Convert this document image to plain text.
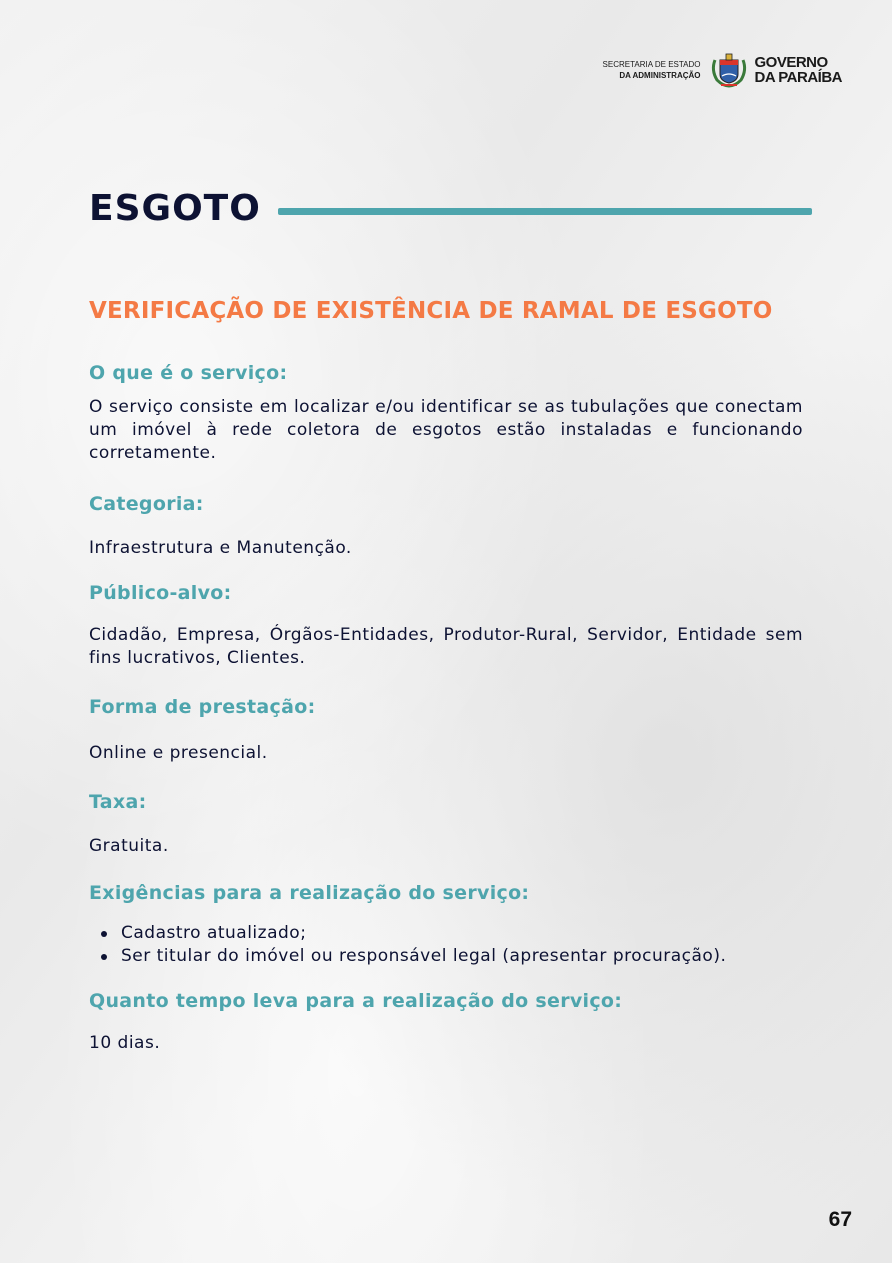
SECRETARIA DE ESTADO
DA ADMINISTRAÇÃO
GOVERNO
DA PARAÍBA
ESGOTO
VERIFICAÇÃO DE EXISTÊNCIA DE RAMAL DE ESGOTO

O que é o serviço:

O serviço consiste em localizar e/ou identificar se as tubulações que conectam um imóvel à rede coletora de esgotos estão instaladas e funcionando corretamente.

Categoria:

Infraestrutura e Manutenção.

Público-alvo:

Cidadão, Empresa, Órgãos-Entidades, Produtor-Rural, Servidor, Entidade sem fins lucrativos, Clientes.

Forma de prestação:

Online e presencial.

Taxa:

Gratuita.

Exigências para a realização do serviço:

Cadastro atualizado;
Ser titular do imóvel ou responsável legal (apresentar procuração).

Quanto tempo leva para a realização do serviço:

10 dias.

67
